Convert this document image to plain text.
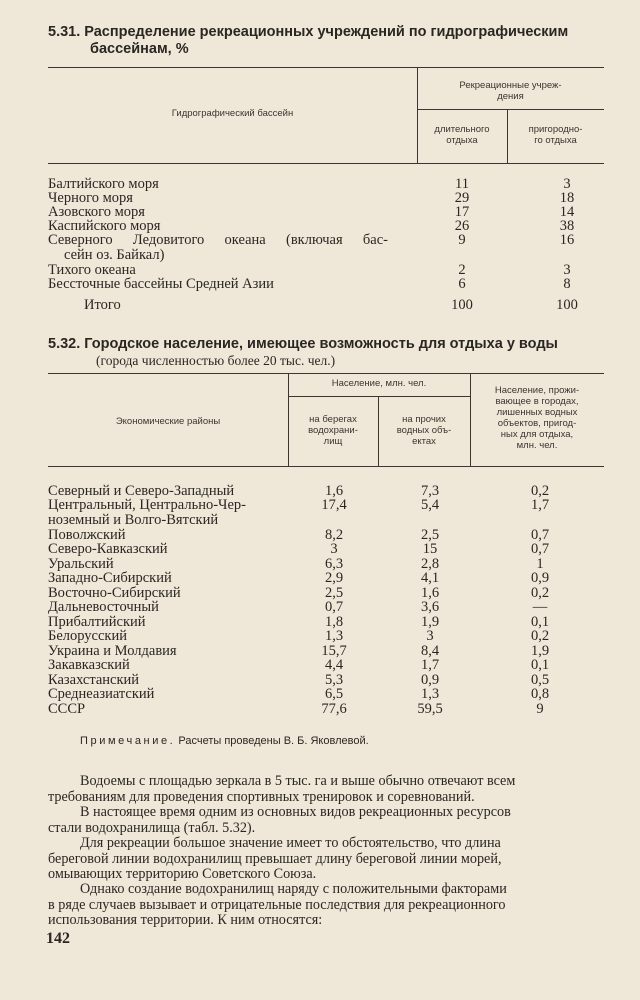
5.31. Распределение рекреационных учреждений по гидрографическим
бассейнам, %
Гидрографический бассейн
Рекреационные учреж-
дения
длительного
отдыха
пригородно-
го отдыха
Балтийского моря	11	3
Черного моря	29	18
Азовского моря	17	14
Каспийского моря	26	38
Северного Ледовитого океана (включая бас-	9	16
сейн оз. Байкал)
Тихого океана	2	3
Бессточные бассейны Средней Азии	6	8
Итого	100	100
5.32. Городское население, имеющее возможность для отдыха у воды
(города численностью более 20 тыс. чел.)
Экономические районы
Население, млн. чел.
на берегах
водохрани-
лищ
на прочих
водных объ-
ектах
Население, прожи-
вающее в городах,
лишенных водных
объектов, пригод-
ных для отдыха,
млн. чел.
Северный и Северо-Западный	1,6	7,3	0,2
Центральный, Центрально-Чер-	17,4	5,4	1,7
ноземный и Волго-Вятский
Поволжский	8,2	2,5	0,7
Северо-Кавказский	3	15	0,7
Уральский	6,3	2,8	1
Западно-Сибирский	2,9	4,1	0,9
Восточно-Сибирский	2,5	1,6	0,2
Дальневосточный	0,7	3,6	—
Прибалтийский	1,8	1,9	0,1
Белорусский	1,3	3	0,2
Украина и Молдавия	15,7	8,4	1,9
Закавказский	4,4	1,7	0,1
Казахстанский	5,3	0,9	0,5
Среднеазиатский	6,5	1,3	0,8
СССР	77,6	59,5	9
Примечание. Расчеты проведены В. Б. Яковлевой.
Водоемы с площадью зеркала в 5 тыс. га и выше обычно отвечают всем
требованиям для проведения спортивных тренировок и соревнований.
В настоящее время одним из основных видов рекреационных ресурсов
стали водохранилища (табл. 5.32).
Для рекреации большое значение имеет то обстоятельство, что длина
береговой линии водохранилищ превышает длину береговой линии морей,
омывающих территорию Советского Союза.
Однако создание водохранилищ наряду с положительными факторами
в ряде случаев вызывает и отрицательные последствия для рекреационного
использования территории. К ним относятся:
142
